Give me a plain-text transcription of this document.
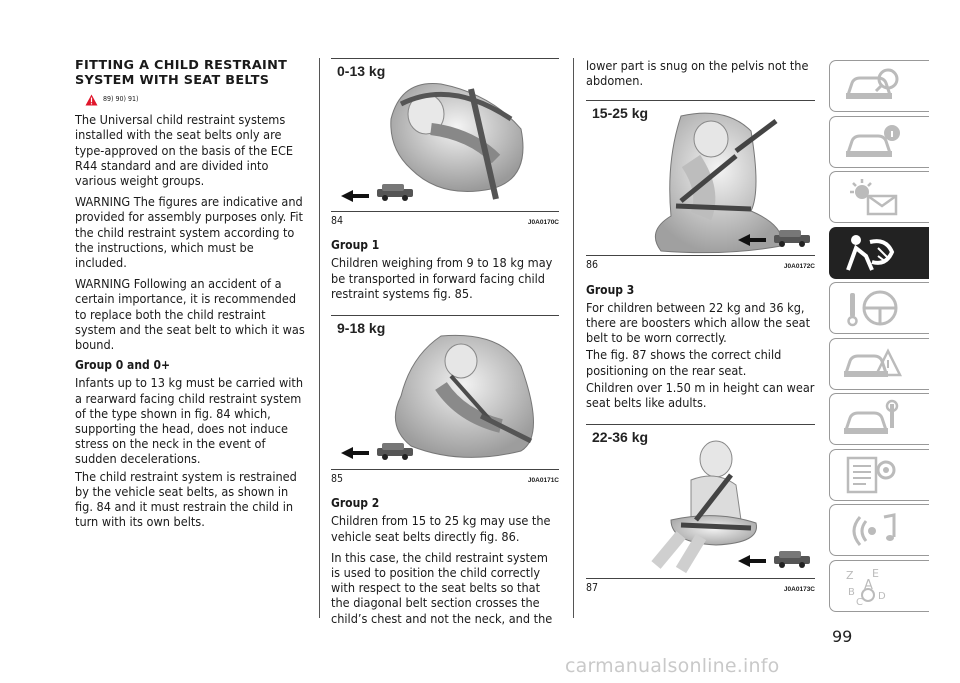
FITTING A CHILD RESTRAINT
SYSTEM WITH SEAT BELTS
89) 90) 91)

The Universal child restraint systems installed with the seat belts only are type-approved on the basis of the ECE R44 standard and are divided into various weight groups.

WARNING The figures are indicative and provided for assembly purposes only. Fit the child restraint system according to the instructions, which must be included.

WARNING Following an accident of a certain importance, it is recommended to replace both the child restraint system and the seat belt to which it was bound.

Group 0 and 0+

Infants up to 13 kg must be carried with a rearward facing child restraint system of the type shown in fig. 84 which, supporting the head, does not induce stress on the neck in the event of sudden decelerations.

The child restraint system is restrained by the vehicle seat belts, as shown in fig. 84 and it must restrain the child in turn with its own belts.

0-13 kg
84	J0A0170C
Group 1

Children weighing from 9 to 18 kg may be transported in forward facing child restraint systems fig. 85.

9-18 kg
85	J0A0171C
Group 2

Children from 15 to 25 kg may use the vehicle seat belts directly fig. 86.

In this case, the child restraint system is used to position the child correctly with respect to the seat belts so that the diagonal belt section crosses the child’s chest and not the neck, and the

lower part is snug on the pelvis not the abdomen.

15-25 kg
86	J0A0172C
Group 3

For children between 22 kg and 36 kg, there are boosters which allow the seat belt to be worn correctly.

The fig. 87 shows the correct child positioning on the rear seat.

Children over 1.50 m in height can wear seat belts like adults.

22-36 kg
87	J0A0173C
Z E
A
B D
C
99
carmanualsonline.info
